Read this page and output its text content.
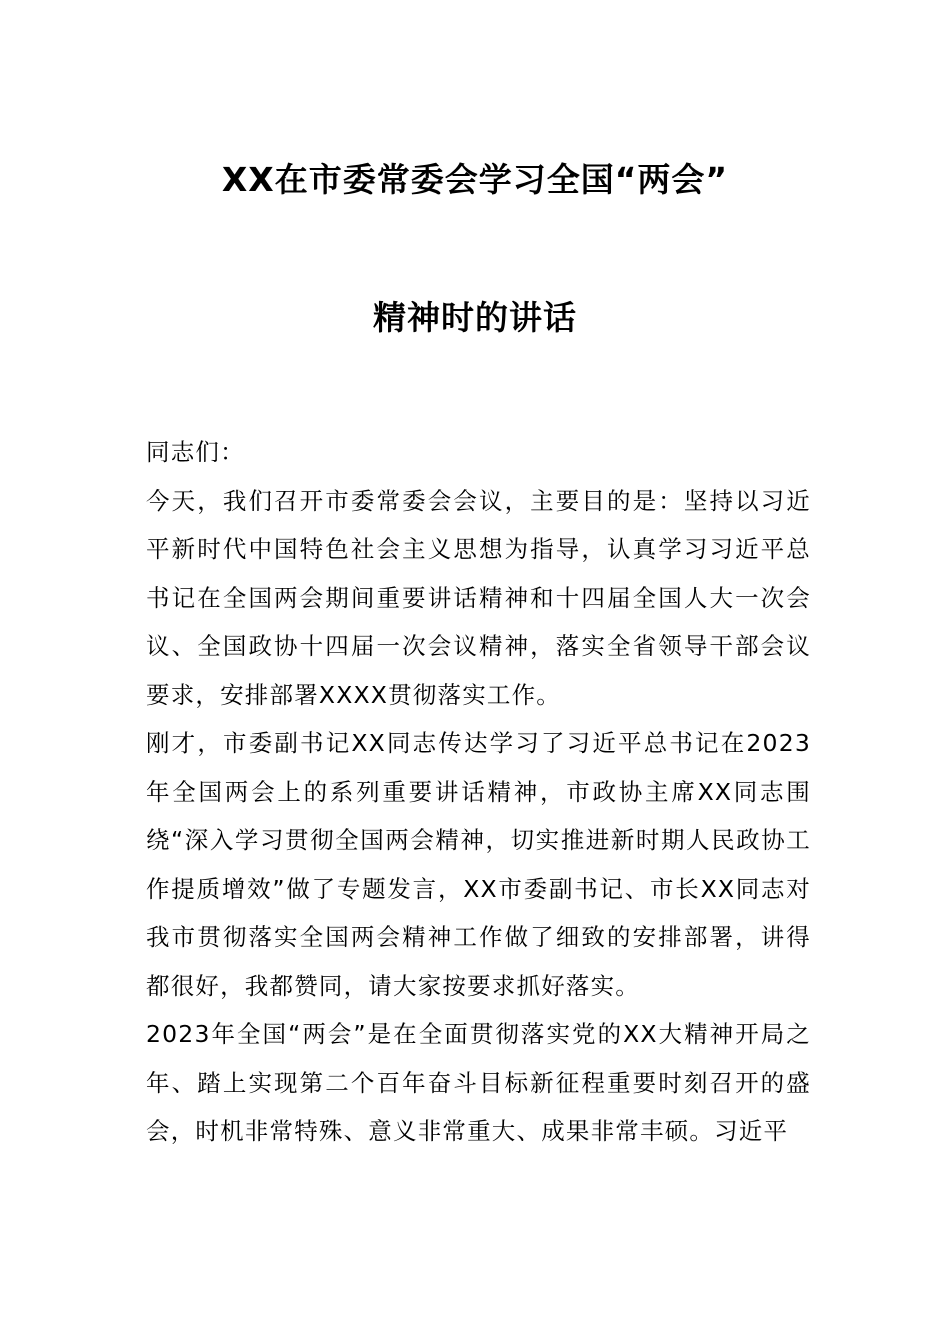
XX在市委常委会学习全国“两会”
精神时的讲话

同志们：

今天，我们召开市委常委会会议，主要目的是：坚持以习近平新时代中国特色社会主义思想为指导，认真学习习近平总书记在全国两会期间重要讲话精神和十四届全国人大一次会议、全国政协十四届一次会议精神，落实全省领导干部会议要求，安排部署XXXX贯彻落实工作。

刚才，市委副书记XX同志传达学习了习近平总书记在2023年全国两会上的系列重要讲话精神，市政协主席XX同志围绕“深入学习贯彻全国两会精神，切实推进新时期人民政协工作提质增效”做了专题发言，XX市委副书记、市长XX同志对我市贯彻落实全国两会精神工作做了细致的安排部署，讲得都很好，我都赞同，请大家按要求抓好落实。

2023年全国“两会”是在全面贯彻落实党的XX大精神开局之年、踏上实现第二个百年奋斗目标新征程重要时刻召开的盛会，时机非常特殊、意义非常重大、成果非常丰硕。习近平
